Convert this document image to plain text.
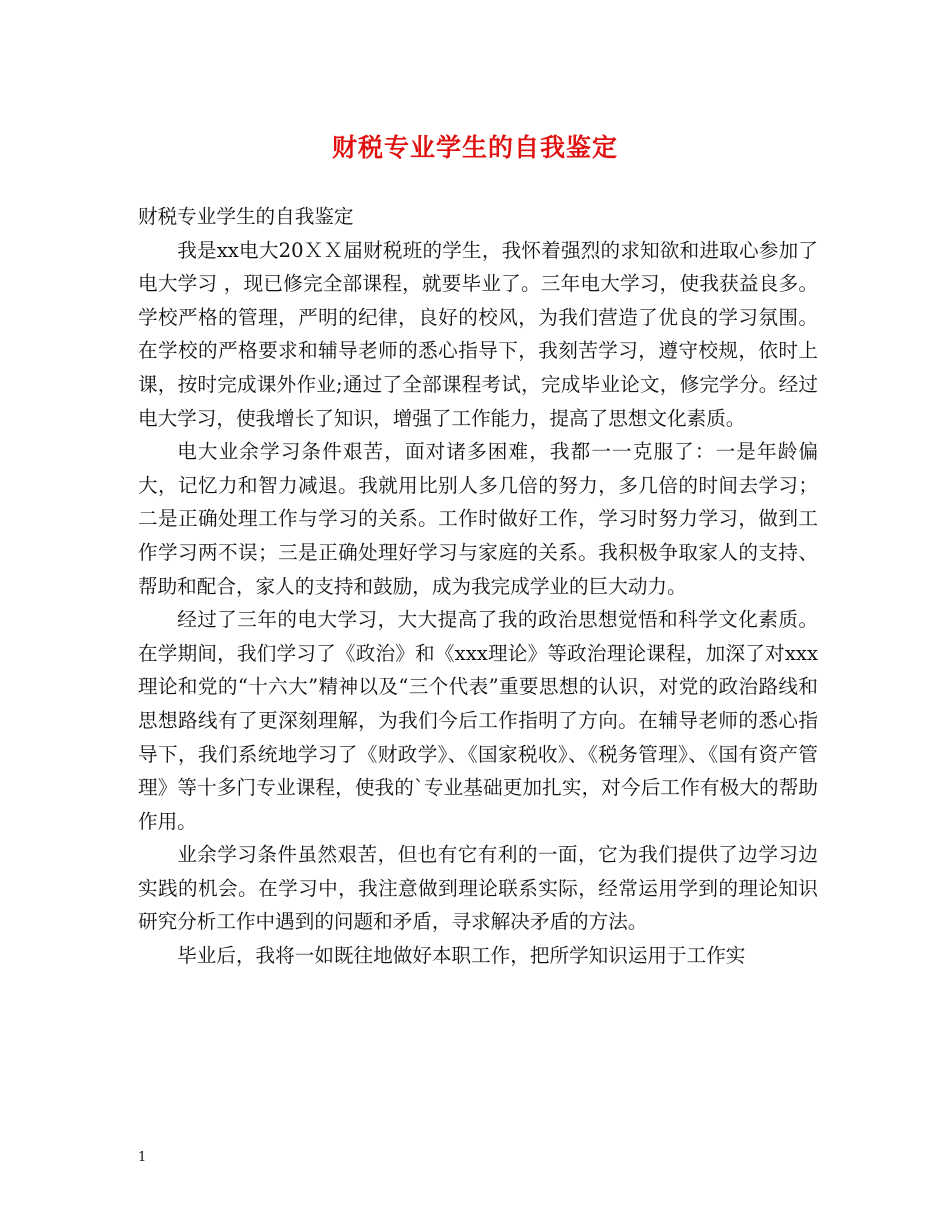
财税专业学生的自我鉴定

财税专业学生的自我鉴定

我是xx电大20ＸＸ届财税班的学生，我怀着强烈的求知欲和进取心参加了电大学习 ，现已修完全部课程，就要毕业了。三年电大学习，使我获益良多。学校严格的管理，严明的纪律，良好的校风，为我们营造了优良的学习氛围。在学校的严格要求和辅导老师的悉心指导下，我刻苦学习，遵守校规，依时上课，按时完成课外作业;通过了全部课程考试，完成毕业论文，修完学分。经过电大学习，使我增长了知识，增强了工作能力，提高了思想文化素质。

电大业余学习条件艰苦，面对诸多困难，我都一一克服了：一是年龄偏大，记忆力和智力减退。我就用比别人多几倍的努力，多几倍的时间去学习；二是正确处理工作与学习的关系。工作时做好工作，学习时努力学习，做到工作学习两不误；三是正确处理好学习与家庭的关系。我积极争取家人的支持、帮助和配合，家人的支持和鼓励，成为我完成学业的巨大动力。

经过了三年的电大学习，大大提高了我的政治思想觉悟和科学文化素质。在学期间，我们学习了《政治》和《xxx理论》等政治理论课程，加深了对xxx理论和党的“十六大”精神以及“三个代表”重要思想的认识，对党的政治路线和思想路线有了更深刻理解，为我们今后工作指明了方向。在辅导老师的悉心指导下，我们系统地学习了《财政学》、《国家税收》、《税务管理》、《国有资产管理》等十多门专业课程，使我的`专业基础更加扎实，对今后工作有极大的帮助作用。

业余学习条件虽然艰苦，但也有它有利的一面，它为我们提供了边学习边实践的机会。在学习中，我注意做到理论联系实际，经常运用学到的理论知识研究分析工作中遇到的问题和矛盾，寻求解决矛盾的方法。

毕业后，我将一如既往地做好本职工作，把所学知识运用于工作实

1
